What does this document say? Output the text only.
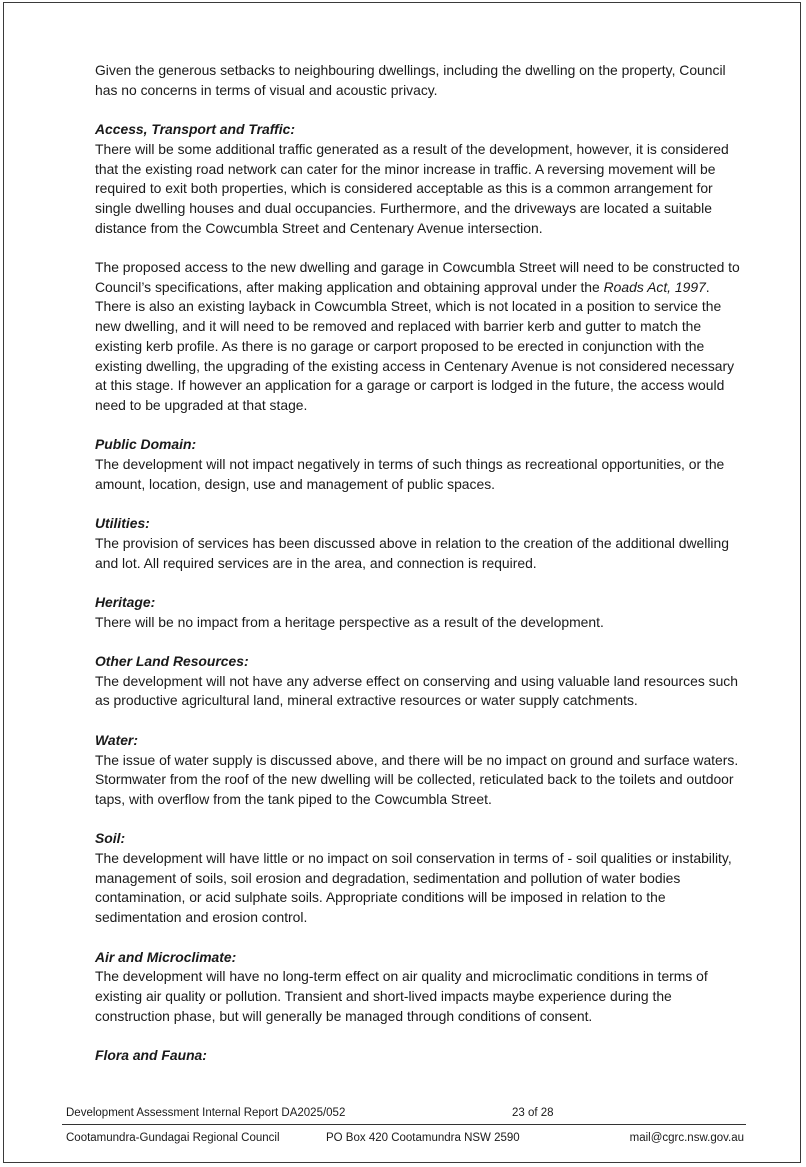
Given the generous setbacks to neighbouring dwellings, including the dwelling on the property, Council has no concerns in terms of visual and acoustic privacy.

Access, Transport and Traffic:

There will be some additional traffic generated as a result of the development, however, it is considered that the existing road network can cater for the minor increase in traffic. A reversing movement will be required to exit both properties, which is considered acceptable as this is a common arrangement for single dwelling houses and dual occupancies. Furthermore, and the driveways are located a suitable distance from the Cowcumbla Street and Centenary Avenue intersection.

The proposed access to the new dwelling and garage in Cowcumbla Street will need to be constructed to Council’s specifications, after making application and obtaining approval under the Roads Act, 1997. There is also an existing layback in Cowcumbla Street, which is not located in a position to service the new dwelling, and it will need to be removed and replaced with barrier kerb and gutter to match the existing kerb profile. As there is no garage or carport proposed to be erected in conjunction with the existing dwelling, the upgrading of the existing access in Centenary Avenue is not considered necessary at this stage. If however an application for a garage or carport is lodged in the future, the access would need to be upgraded at that stage.

Public Domain:

The development will not impact negatively in terms of such things as recreational opportunities, or the amount, location, design, use and management of public spaces.

Utilities:

The provision of services has been discussed above in relation to the creation of the additional dwelling and lot. All required services are in the area, and connection is required.

Heritage:

There will be no impact from a heritage perspective as a result of the development.

Other Land Resources:

The development will not have any adverse effect on conserving and using valuable land resources such as productive agricultural land, mineral extractive resources or water supply catchments.

Water:

The issue of water supply is discussed above, and there will be no impact on ground and surface waters. Stormwater from the roof of the new dwelling will be collected, reticulated back to the toilets and outdoor taps, with overflow from the tank piped to the Cowcumbla Street.

Soil:

The development will have little or no impact on soil conservation in terms of - soil qualities or instability, management of soils, soil erosion and degradation, sedimentation and pollution of water bodies contamination, or acid sulphate soils. Appropriate conditions will be imposed in relation to the sedimentation and erosion control.

Air and Microclimate:

The development will have no long-term effect on air quality and microclimatic conditions in terms of existing air quality or pollution. Transient and short-lived impacts maybe experience during the construction phase, but will generally be managed through conditions of consent.

Flora and Fauna:

Development Assessment Internal Report DA2025/052	23 of 28
Cootamundra-Gundagai Regional Council	PO Box 420 Cootamundra NSW 2590	mail@cgrc.nsw.gov.au
